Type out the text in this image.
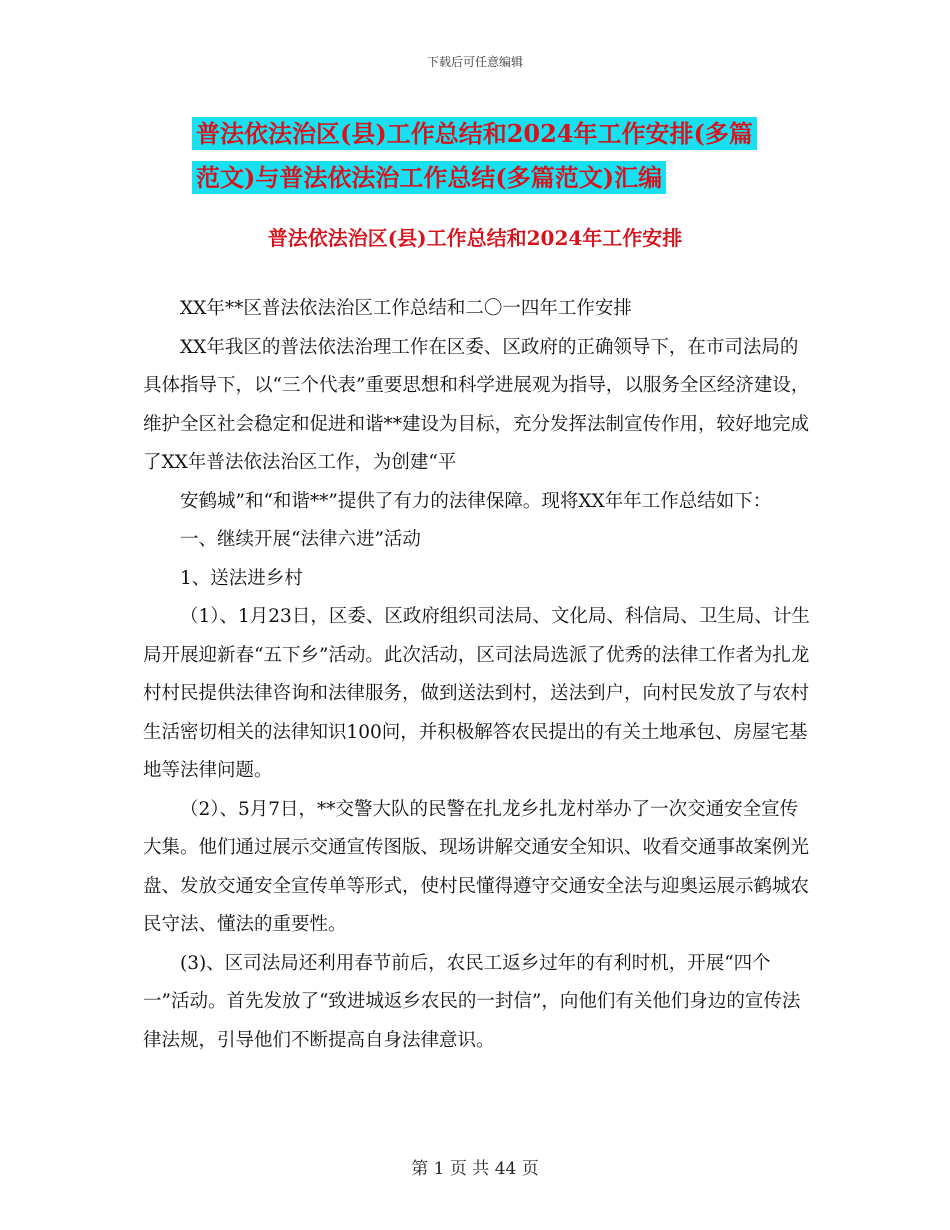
下载后可任意编辑
普法依法治区(县)工作总结和2024年工作安排(多篇
范文)与普法依法治工作总结(多篇范文)汇编
普法依法治区(县)工作总结和2024年工作安排

XX年**区普法依法治区工作总结和二〇一四年工作安排

XX年我区的普法依法治理工作在区委、区政府的正确领导下，在市司法局的具体指导下，以“三个代表”重要思想和科学进展观为指导，以服务全区经济建设，维护全区社会稳定和促进和谐**建设为目标，充分发挥法制宣传作用，较好地完成了XX年普法依法治区工作，为创建“平

安鹤城”和“和谐**”提供了有力的法律保障。现将XX年年工作总结如下：

一、继续开展“法律六进”活动

1、送法进乡村

（1）、1月23日，区委、区政府组织司法局、文化局、科信局、卫生局、计生局开展迎新春“五下乡”活动。此次活动，区司法局选派了优秀的法律工作者为扎龙村村民提供法律咨询和法律服务，做到送法到村，送法到户，向村民发放了与农村生活密切相关的法律知识100问，并积极解答农民提出的有关土地承包、房屋宅基地等法律问题。

（2）、5月7日，**交警大队的民警在扎龙乡扎龙村举办了一次交通安全宣传大集。他们通过展示交通宣传图版、现场讲解交通安全知识、收看交通事故案例光盘、发放交通安全宣传单等形式，使村民懂得遵守交通安全法与迎奥运展示鹤城农民守法、懂法的重要性。

(3)、区司法局还利用春节前后，农民工返乡过年的有利时机，开展“四个一”活动。首先发放了“致进城返乡农民的一封信”，向他们有关他们身边的宣传法律法规，引导他们不断提高自身法律意识。

第 1 页 共 44 页
